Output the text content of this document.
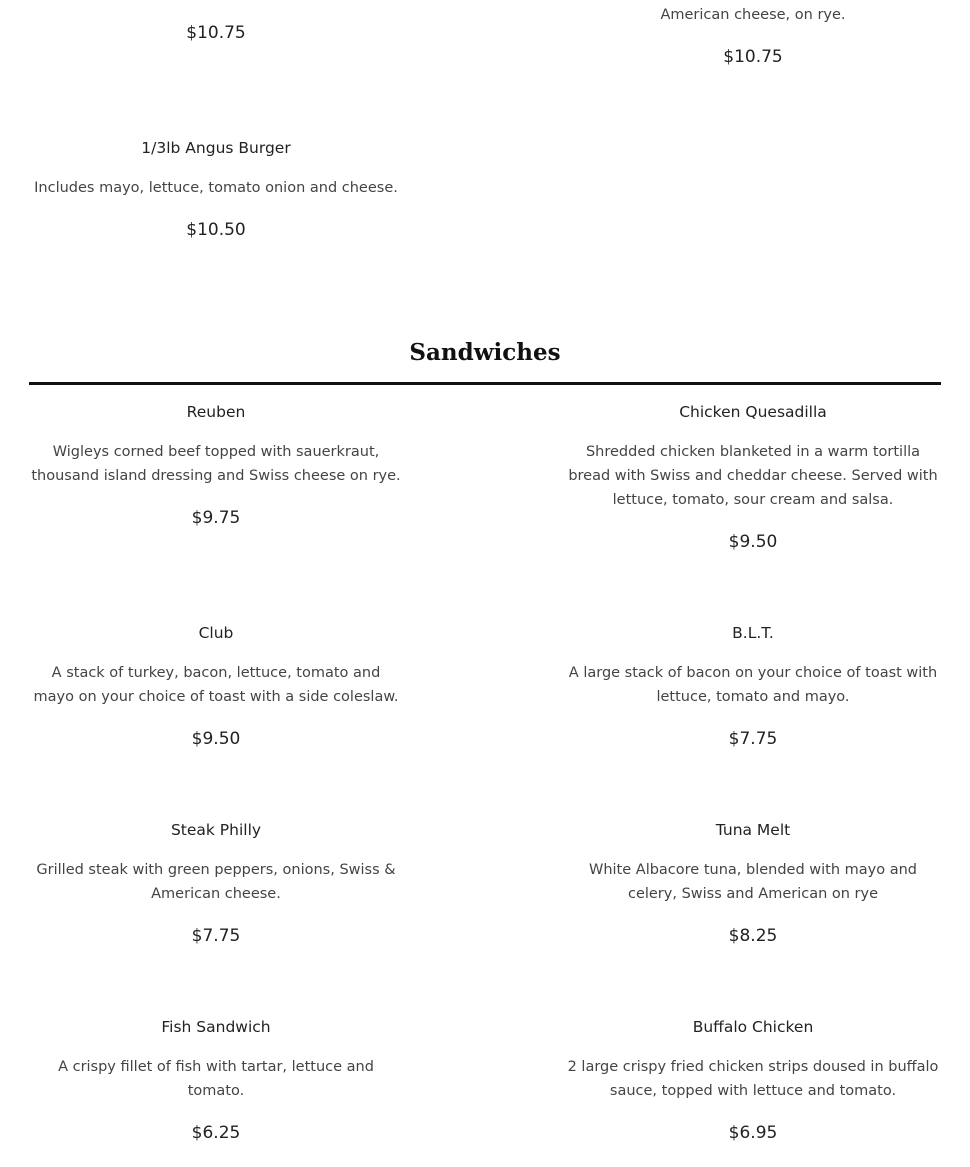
$10.75
American cheese, on rye.
$10.75
1/3lb Angus Burger
Includes mayo, lettuce, tomato onion and cheese.
$10.50
Sandwiches
Reuben
Wigleys corned beef topped with sauerkraut, thousand island dressing and Swiss cheese on rye.
$9.75
Chicken Quesadilla
Shredded chicken blanketed in a warm tortilla bread with Swiss and cheddar cheese. Served with lettuce, tomato, sour cream and salsa.
$9.50
Club
A stack of turkey, bacon, lettuce, tomato and mayo on your choice of toast with a side coleslaw.
$9.50
B.L.T.
A large stack of bacon on your choice of toast with lettuce, tomato and mayo.
$7.75
Steak Philly
Grilled steak with green peppers, onions, Swiss & American cheese.
$7.75
Tuna Melt
White Albacore tuna, blended with mayo and celery, Swiss and American on rye
$8.25
Fish Sandwich
A crispy fillet of fish with tartar, lettuce and tomato.
$6.25
Buffalo Chicken
2 large crispy fried chicken strips doused in buffalo sauce, topped with lettuce and tomato.
$6.95
